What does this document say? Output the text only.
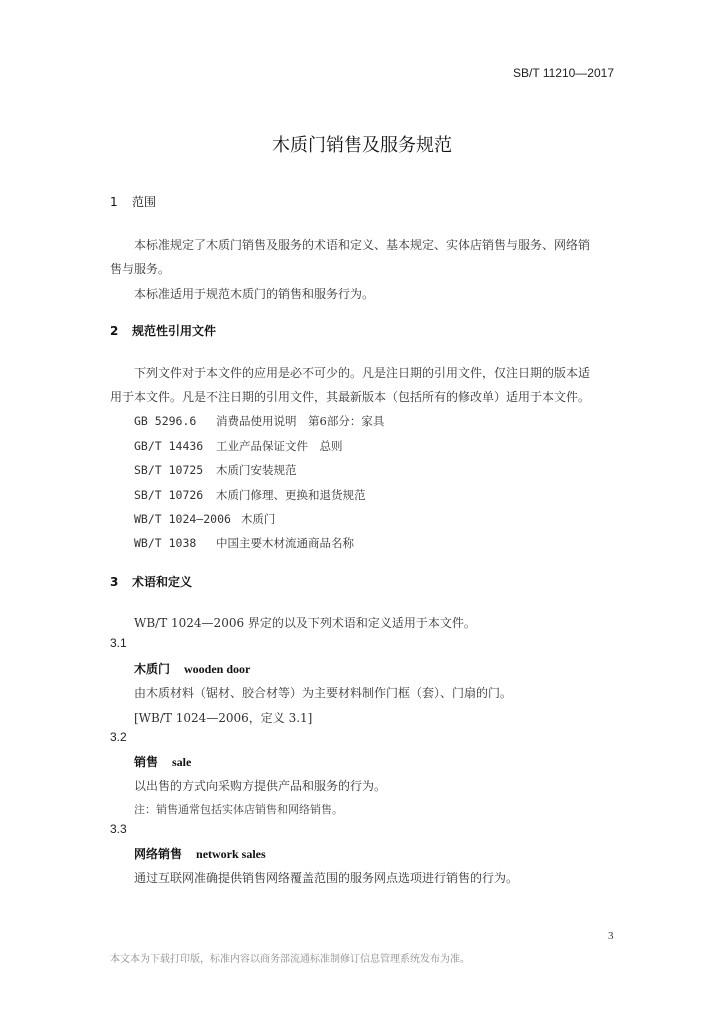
SB/T 11210—2017
木质门销售及服务规范
1 范围
本标准规定了木质门销售及服务的术语和定义、基本规定、实体店销售与服务、网络销
售与服务。
本标准适用于规范木质门的销售和服务行为。
2 规范性引用文件
下列文件对于本文件的应用是必不可少的。凡是注日期的引用文件，仅注日期的版本适
用于本文件。凡是不注日期的引用文件，其最新版本（包括所有的修改单）适用于本文件。
GB 5296.6 消费品使用说明　第6部分：家具
GB/T 14436 工业产品保证文件　总则
SB/T 10725 木质门安装规范
SB/T 10726 木质门修理、更换和退货规范
WB/T 1024—2006 木质门
WB/T 1038 中国主要木材流通商品名称
3 术语和定义
WB/T 1024—2006 界定的以及下列术语和定义适用于本文件。
3.1
木质门 wooden door
由木质材料（锯材、胶合材等）为主要材料制作门框（套）、门扇的门。
[WB/T 1024—2006，定义 3.1]
3.2
销售 sale
以出售的方式向采购方提供产品和服务的行为。
注：销售通常包括实体店销售和网络销售。
3.3
网络销售 network sales
通过互联网准确提供销售网络覆盖范围的服务网点选项进行销售的行为。
3
本文本为下载打印版，标准内容以商务部流通标准制修订信息管理系统发布为准。
